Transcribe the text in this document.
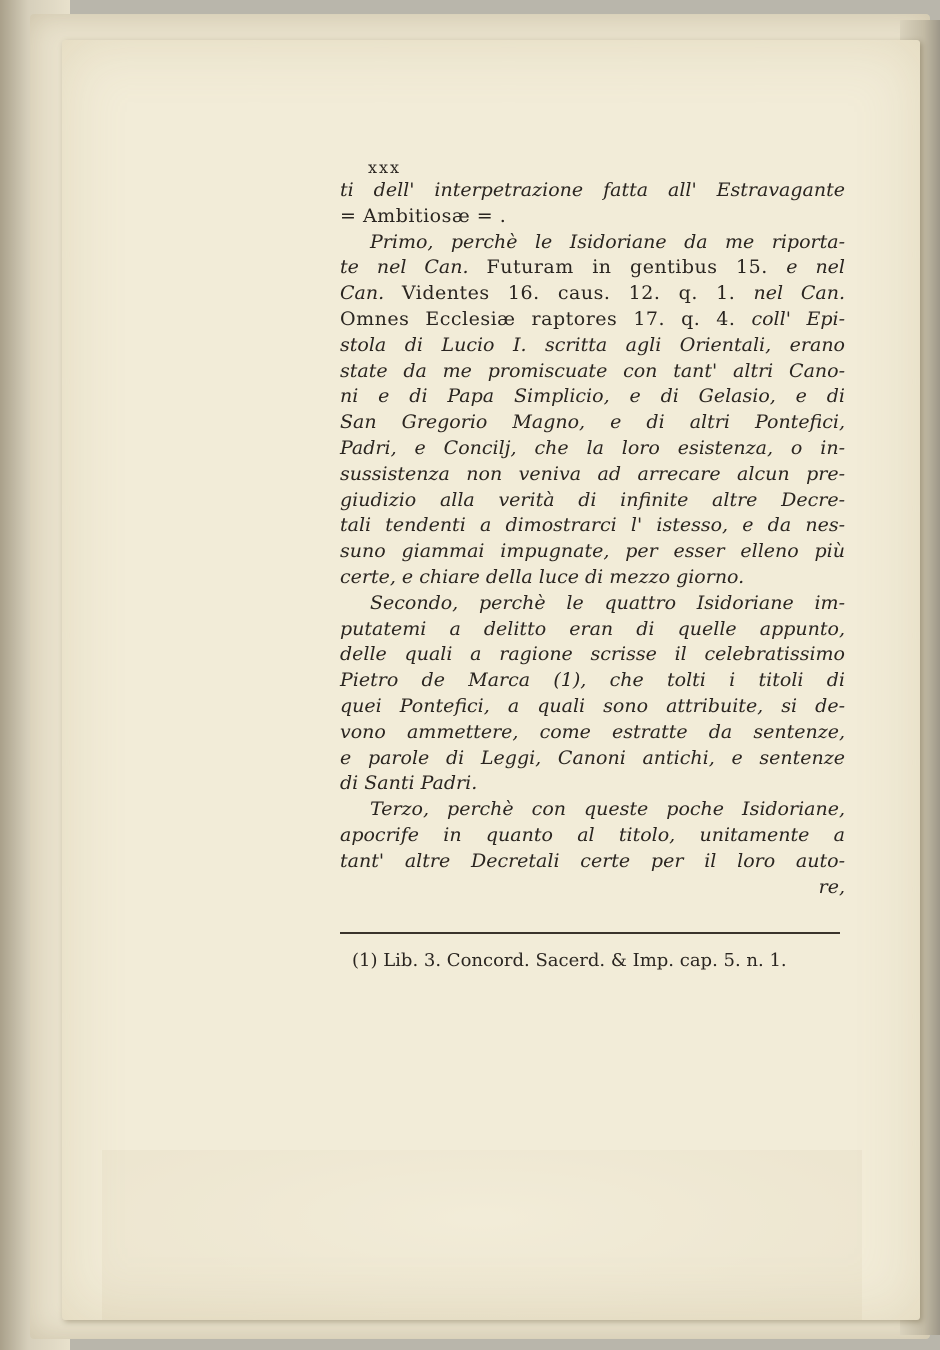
xxx
ti dell' interpetrazione fatta all' Estravagante
= Ambitiosæ = .
Primo, perchè le Isidoriane da me riporta-
te nel Can. Futuram in gentibus 15. e nel
Can. Videntes 16. caus. 12. q. 1. nel Can.
Omnes Ecclesiæ raptores 17. q. 4. coll' Epi-
stola di Lucio I. scritta agli Orientali, erano
state da me promiscuate con tant' altri Cano-
ni e di Papa Simplicio, e di Gelasio, e di
San Gregorio Magno, e di altri Pontefici,
Padri, e Concilj, che la loro esistenza, o in-
sussistenza non veniva ad arrecare alcun pre-
giudizio alla verità di infinite altre Decre-
tali tendenti a dimostrarci l' istesso, e da nes-
suno giammai impugnate, per esser elleno più
certe, e chiare della luce di mezzo giorno.
Secondo, perchè le quattro Isidoriane im-
putatemi a delitto eran di quelle appunto,
delle quali a ragione scrisse il celebratissimo
Pietro de Marca (1), che tolti i titoli di
quei Pontefici, a quali sono attribuite, si de-
vono ammettere, come estratte da sentenze,
e parole di Leggi, Canoni antichi, e sentenze
di Santi Padri.
Terzo, perchè con queste poche Isidoriane,
apocrife in quanto al titolo, unitamente a
tant' altre Decretali certe per il loro auto-
re,
(1) Lib. 3. Concord. Sacerd. & Imp. cap. 5. n. 1.
